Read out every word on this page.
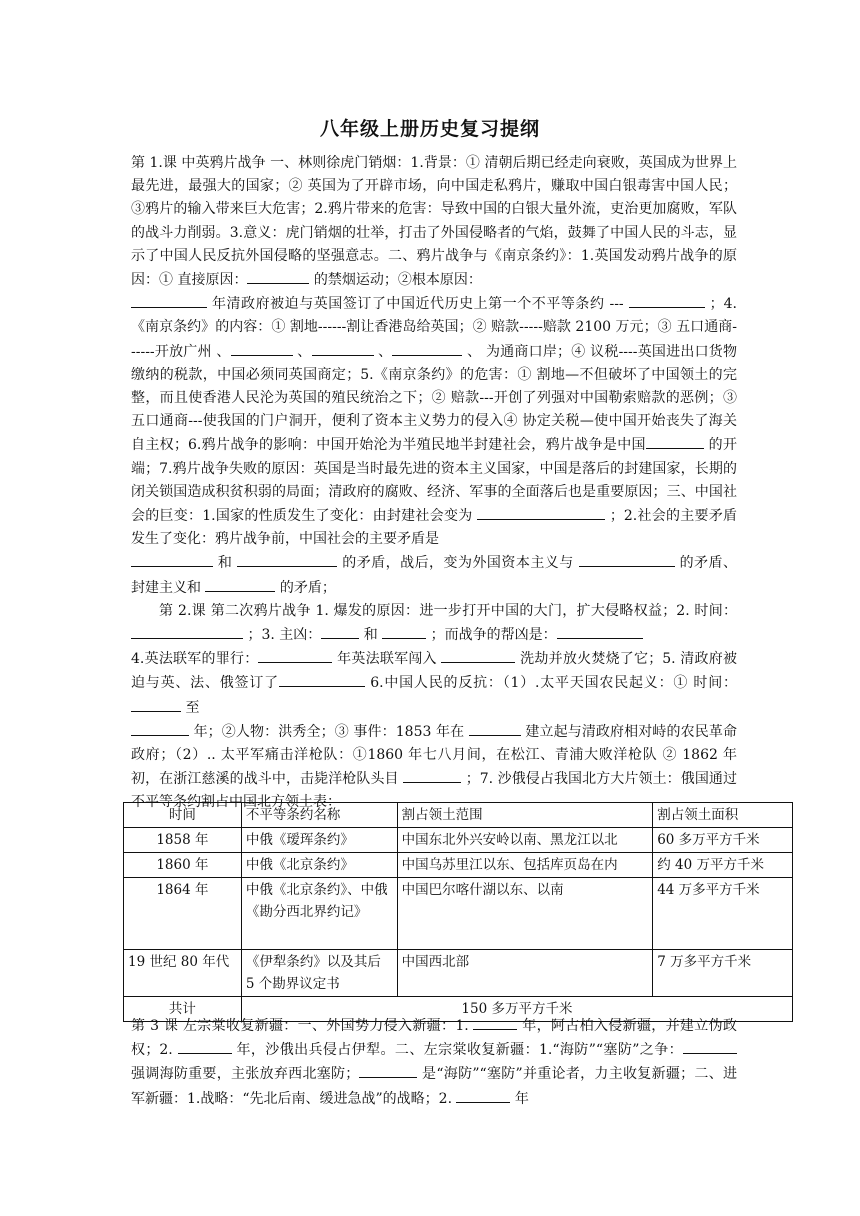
八年级上册历史复习提纲

第 1.课 中英鸦片战争 一、林则徐虎门销烟：1.背景：① 清朝后期已经走向衰败，英国成为世界上最先进，最强大的国家；② 英国为了开辟市场，向中国走私鸦片，赚取中国白银毒害中国人民；③鸦片的输入带来巨大危害；2.鸦片带来的危害：导致中国的白银大量外流，吏治更加腐败，军队的战斗力削弱。3.意义：虎门销烟的壮举，打击了外国侵略者的气焰，鼓舞了中国人民的斗志，显示了中国人民反抗外国侵略的坚强意志。二、鸦片战争与《南京条约》：1.英国发动鸦片战争的原因：① 直接原因：	的禁烟运动；②根本原因：
年清政府被迫与英国签订了中国近代历史上第一个不平等条约 ---	；4.《南京条约》的内容：① 割地------割让香港岛给英国；② 赔款-----赔款 2100 万元；③ 五口通商------开放广州 、	、	、	、 为通商口岸；④ 议税----英国进出口货物缴纳的税款，中国必须同英国商定；5.《南京条约》的危害：① 割地—不但破坏了中国领土的完整，而且使香港人民沦为英国的殖民统治之下；② 赔款---开创了列强对中国勒索赔款的恶例；③ 五口通商---使我国的门户洞开，便利了资本主义势力的侵入④ 协定关税—使中国开始丧失了海关自主权；6.鸦片战争的影响：中国开始沦为半殖民地半封建社会，鸦片战争是中国	的开端；7.鸦片战争失败的原因：英国是当时最先进的资本主义国家，中国是落后的封建国家，长期的闭关锁国造成积贫积弱的局面；清政府的腐败、经济、军事的全面落后也是重要原因；三、中国社会的巨变：1.国家的性质发生了变化：由封建社会变为	；2.社会的主要矛盾发生了变化：鸦片战争前，中国社会的主要矛盾是
和	的矛盾，战后，变为外国资本主义与	的矛盾、封建主义和	的矛盾；

第 2.课 第二次鸦片战争 1. 爆发的原因：进一步打开中国的大门，扩大侵略权益；2. 时间： ；3. 主凶：	和	；而战争的帮凶是：
4.英法联军的罪行：	年英法联军闯入	洗劫并放火焚烧了它；5. 清政府被迫与英、法、俄签订了	6.中国人民的反抗：（1）.太平天国农民起义：① 时间： 至
年；②人物：洪秀全；③ 事件：1853 年在	建立起与清政府相对峙的农民革命政府；（2）.. 太平军痛击洋枪队：①1860 年七八月间，在松江、青浦大败洋枪队 ② 1862 年初，在浙江慈溪的战斗中，击毙洋枪队头目	；7. 沙俄侵占我国北方大片领土：俄国通过不平等条约割占中国北方领土表：

时间	不平等条约名称	割占领土范围	割占领土面积
1858 年	中俄《瑷珲条约》	中国东北外兴安岭以南、黑龙江以北	60 多万平方千米
1860 年	中俄《北京条约》	中国乌苏里江以东、包括库页岛在内	约 40 万平方千米
1864 年	中俄《北京条约》、中俄《勘分西北界约记》	中国巴尔喀什湖以东、以南	44 万多平方千米
19 世纪 80 年代	《伊犁条约》以及其后 5 个勘界议定书	中国西北部	7 万多平方千米
共计	150 多万平方千米		

第 3 课 左宗棠收复新疆：一、外国势力侵入新疆：1.	年，阿古柏入侵新疆，并建立伪政权；2.	年，沙俄出兵侵占伊犁。二、左宗棠收复新疆：1.“海防”“塞防”之争： 强调海防重要，主张放弃西北塞防；	是“海防”“塞防”并重论者，力主收复新疆；二、进军新疆：1.战略：“先北后南、缓进急战”的战略；2.	年
